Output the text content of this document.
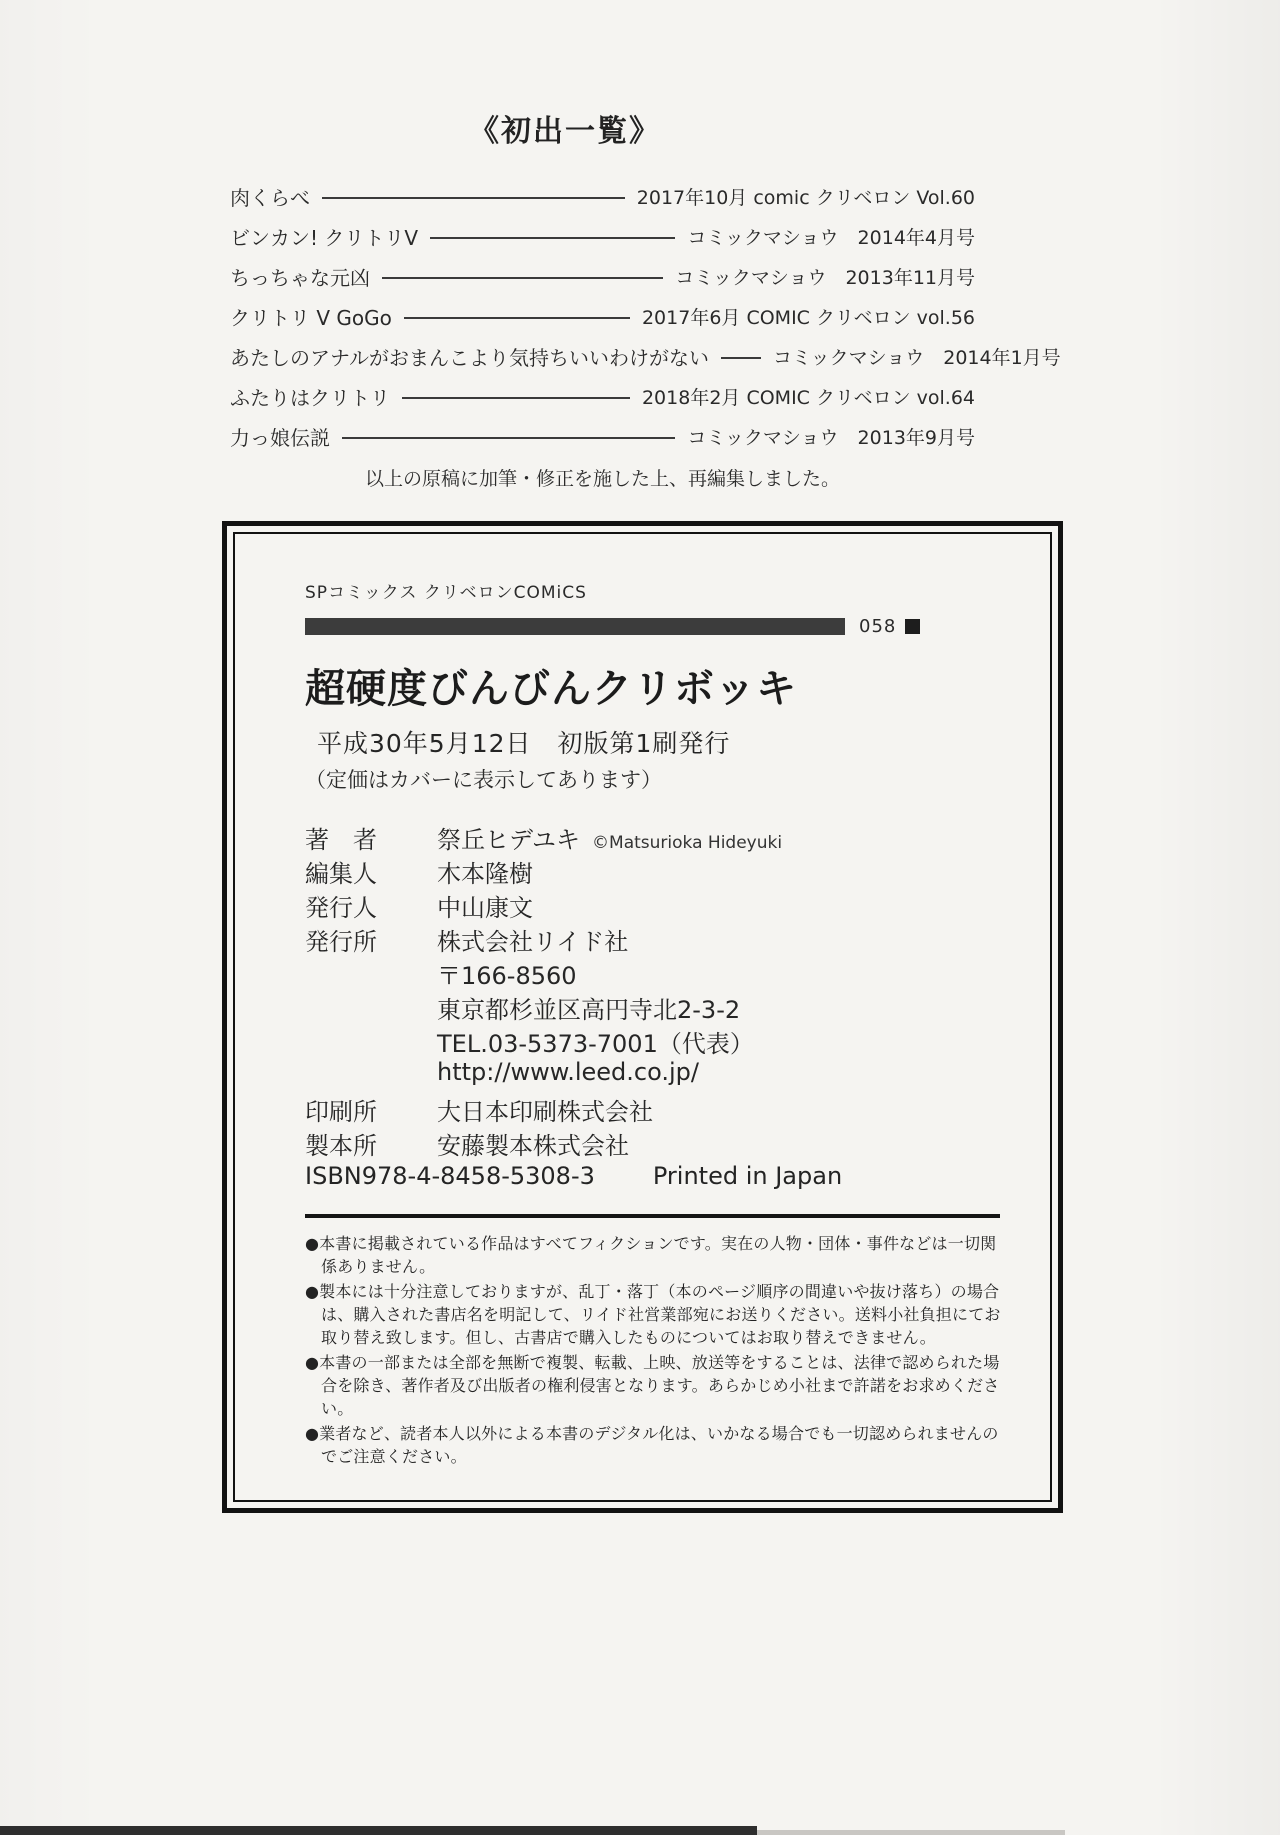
《初出一覧》
肉くらべ	2017年10月 comic クリベロン Vol.60
ビンカン! クリトリV	コミックマショウ　2014年4月号
ちっちゃな元凶	コミックマショウ　2013年11月号
クリトリ V GoGo	2017年6月 COMIC クリベロン vol.56
あたしのアナルがおまんこより気持ちいいわけがない	コミックマショウ　2014年1月号
ふたりはクリトリ	2018年2月 COMIC クリベロン vol.64
力っ娘伝説	コミックマショウ　2013年9月号

以上の原稿に加筆・修正を施した上、再編集しました。

SPコミックス クリベロンCOMiCS
058
超硬度びんびんクリボッキ
平成30年5月12日　初版第1刷発行
（定価はカバーに表示してあります）
著　者	祭丘ヒデユキ ©Matsurioka Hideyuki
編集人	木本隆樹
発行人	中山康文
発行所	株式会社リイド社
〒166-8560
東京都杉並区高円寺北2-3-2
TEL.03-5373-7001（代表）
http://www.leed.co.jp/
印刷所	大日本印刷株式会社
製本所	安藤製本株式会社
ISBN978-4-8458-5308-3 Printed in Japan

●本書に掲載されている作品はすべてフィクションです。実在の人物・団体・事件などは一切関係ありません。

●製本には十分注意しておりますが、乱丁・落丁（本のページ順序の間違いや抜け落ち）の場合は、購入された書店名を明記して、リイド社営業部宛にお送りください。送料小社負担にてお取り替え致します。但し、古書店で購入したものについてはお取り替えできません。

●本書の一部または全部を無断で複製、転載、上映、放送等をすることは、法律で認められた場合を除き、著作者及び出版者の権利侵害となります。あらかじめ小社まで許諾をお求めください。

●業者など、読者本人以外による本書のデジタル化は、いかなる場合でも一切認められませんのでご注意ください。
